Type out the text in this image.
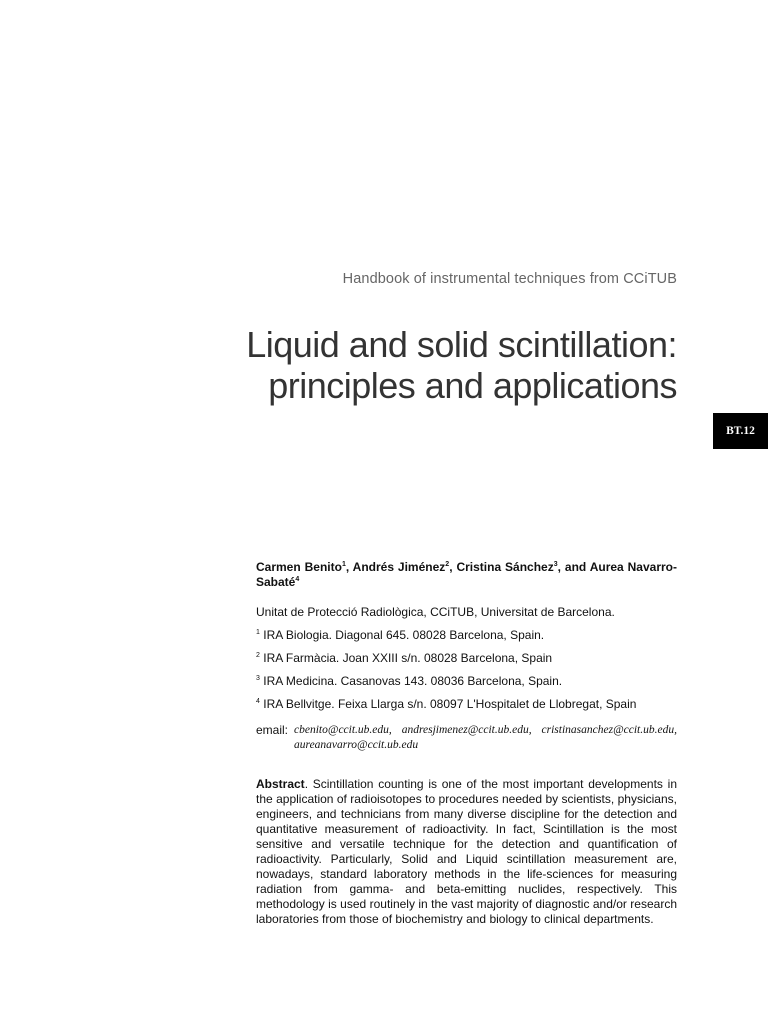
Handbook of instrumental techniques from CCiTUB
Liquid and solid scintillation:
principles and applications
BT.12

Carmen Benito$^1$, Andrés Jiménez$^2$, Cristina Sánchez$^3$, and Aurea Navarro-Sabaté$^4$

Unitat de Protecció Radiològica, CCiTUB, Universitat de Barcelona.

$^1$ IRA Biologia. Diagonal 645. 08028 Barcelona, Spain.

$^2$ IRA Farmàcia. Joan XXIII s/n. 08028 Barcelona, Spain

$^3$ IRA Medicina. Casanovas 143. 08036 Barcelona, Spain.

$^4$ IRA Bellvitge. Feixa Llarga s/n. 08097 L'Hospitalet de Llobregat, Spain

email: cbenito@ccit.ub.edu, andresjimenez@ccit.ub.edu, cristinasanchez@ccit.ub.edu, aureanavarro@ccit.ub.edu

Abstract. Scintillation counting is one of the most important developments in the application of radioisotopes to procedures needed by scientists, physicians, engineers, and technicians from many diverse discipline for the detection and quantitative measurement of radioactivity. In fact, Scintillation is the most sensitive and versatile technique for the detection and quantification of radioactivity. Particularly, Solid and Liquid scintillation measurement are, nowadays, standard laboratory methods in the life-sciences for measuring radiation from gamma- and beta-emitting nuclides, respectively. This methodology is used routinely in the vast majority of diagnostic and/or research laboratories from those of biochemistry and biology to clinical departments.
